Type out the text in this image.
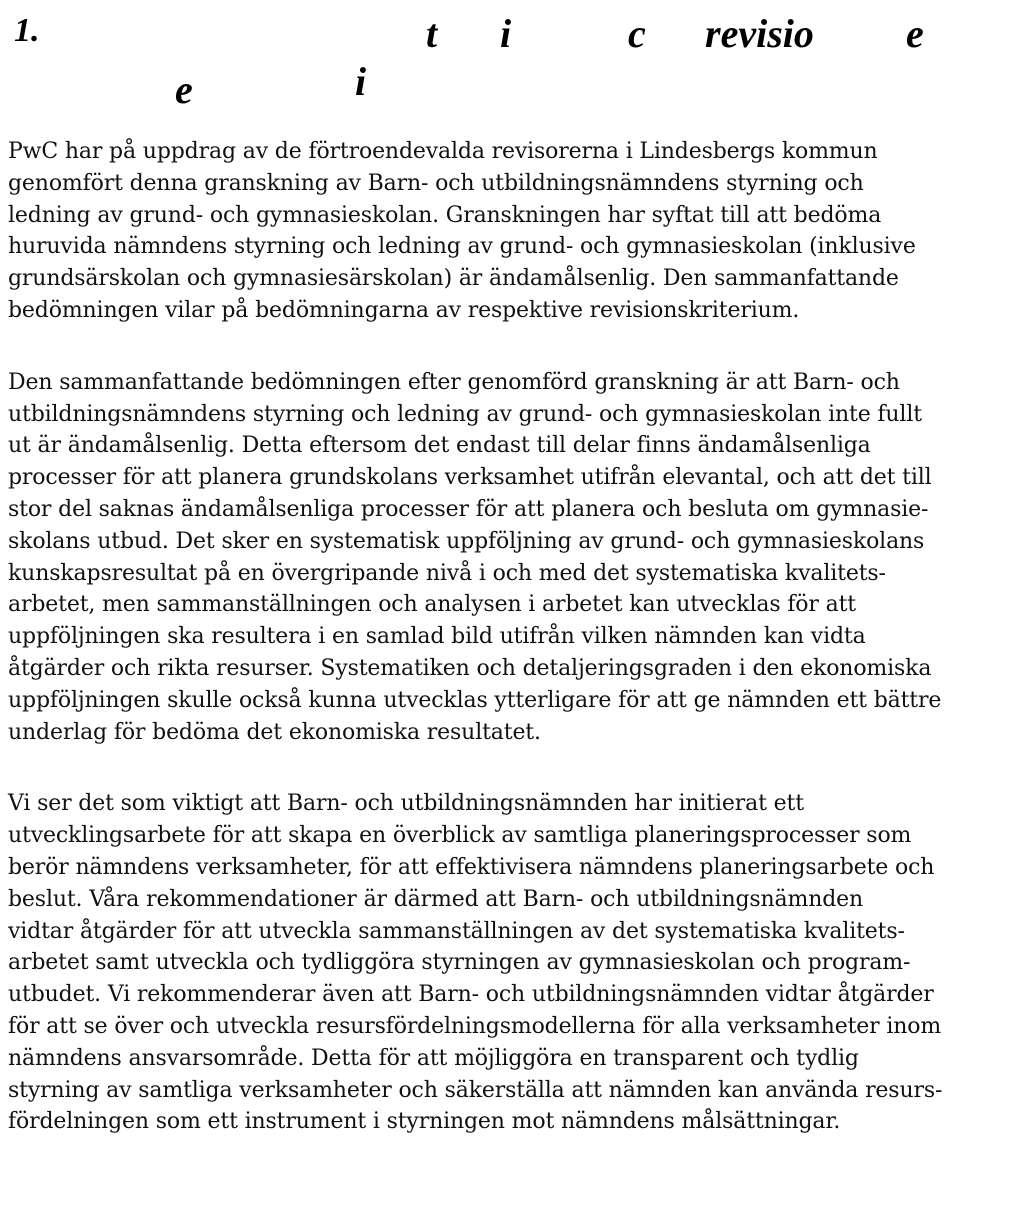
1.	t i	c revisio e
e	i

PwC har på uppdrag av de förtroendevalda revisorerna i Lindesbergs kommun
genomfört denna granskning av Barn- och utbildningsnämndens styrning och
ledning av grund- och gymnasieskolan. Granskningen har syftat till att bedöma
huruvida nämndens styrning och ledning av grund- och gymnasieskolan (inklusive
grundsärskolan och gymnasiesärskolan) är ändamålsenlig. Den sammanfattande
bedömningen vilar på bedömningarna av respektive revisionskriterium.

Den sammanfattande bedömningen efter genomförd granskning är att Barn- och
utbildningsnämndens styrning och ledning av grund- och gymnasieskolan inte fullt
ut är ändamålsenlig. Detta eftersom det endast till delar finns ändamålsenliga
processer för att planera grundskolans verksamhet utifrån elevantal, och att det till
stor del saknas ändamålsenliga processer för att planera och besluta om gymnasie-
skolans utbud. Det sker en systematisk uppföljning av grund- och gymnasieskolans
kunskapsresultat på en övergripande nivå i och med det systematiska kvalitets-
arbetet, men sammanställningen och analysen i arbetet kan utvecklas för att
uppföljningen ska resultera i en samlad bild utifrån vilken nämnden kan vidta
åtgärder och rikta resurser. Systematiken och detaljeringsgraden i den ekonomiska
uppföljningen skulle också kunna utvecklas ytterligare för att ge nämnden ett bättre
underlag för bedöma det ekonomiska resultatet.

Vi ser det som viktigt att Barn- och utbildningsnämnden har initierat ett
utvecklingsarbete för att skapa en överblick av samtliga planeringsprocesser som
berör nämndens verksamheter, för att effektivisera nämndens planeringsarbete och
beslut. Våra rekommendationer är därmed att Barn- och utbildningsnämnden
vidtar åtgärder för att utveckla sammanställningen av det systematiska kvalitets-
arbetet samt utveckla och tydliggöra styrningen av gymnasieskolan och program-
utbudet. Vi rekommenderar även att Barn- och utbildningsnämnden vidtar åtgärder
för att se över och utveckla resursfördelningsmodellerna för alla verksamheter inom
nämndens ansvarsområde. Detta för att möjliggöra en transparent och tydlig
styrning av samtliga verksamheter och säkerställa att nämnden kan använda resurs-
fördelningen som ett instrument i styrningen mot nämndens målsättningar.
